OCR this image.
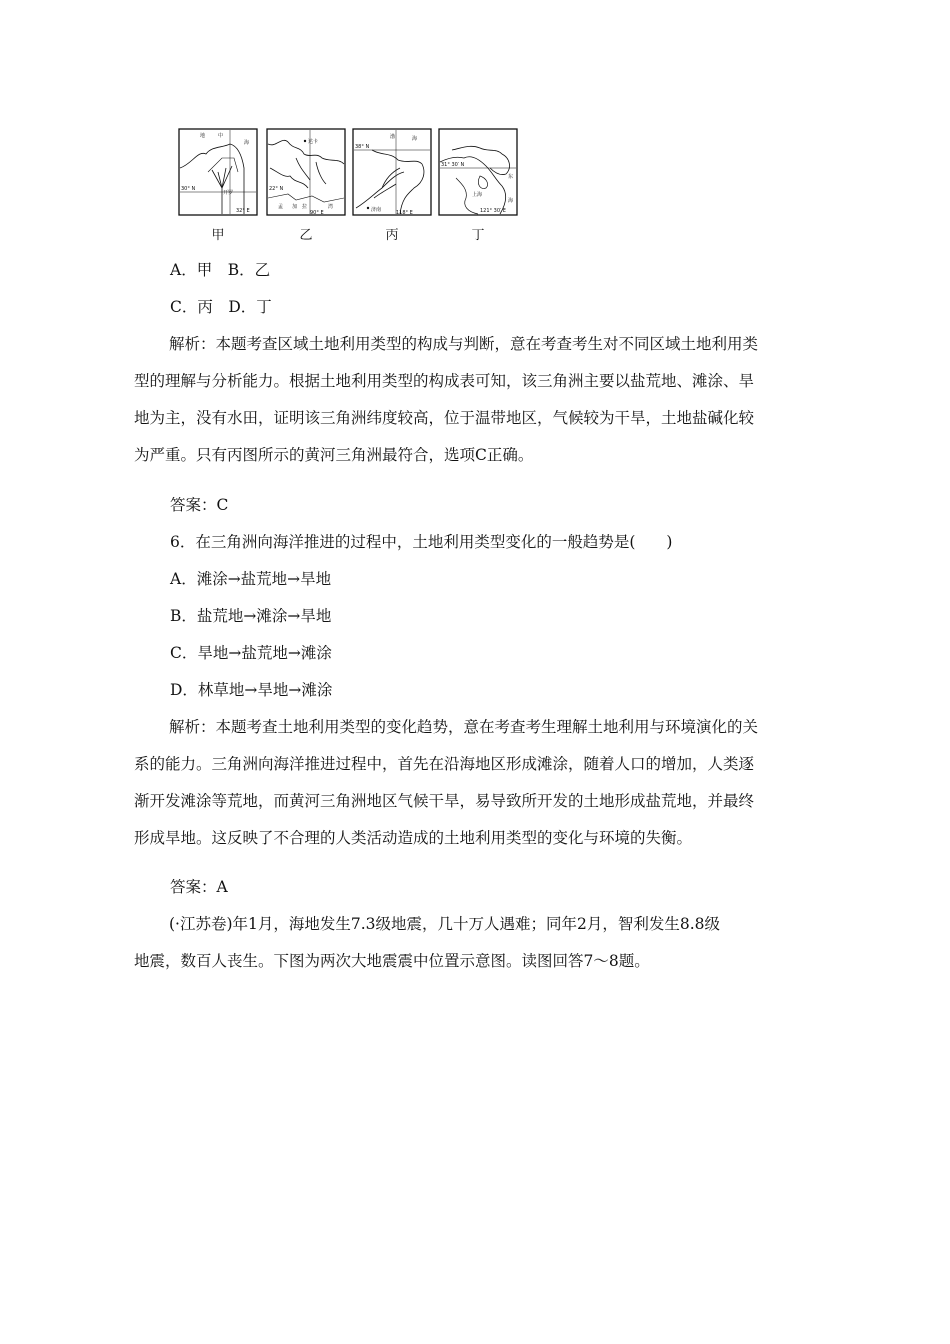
地	中
海
30° N
开罗
32° E
甲
达卡
22° N
孟 加 拉	湾
90° E
乙
渤	海
38° N
济南	118° E
丙
31° 30′ N
东
海
上海
121° 30′ E
丁
A．甲　B．乙
C．丙　D．丁
解析：本题考查区域土地利用类型的构成与判断，意在考查考生对不同区域土地利用类
型的理解与分析能力。根据土地利用类型的构成表可知，该三角洲主要以盐荒地、滩涂、旱
地为主，没有水田，证明该三角洲纬度较高，位于温带地区，气候较为干旱，土地盐碱化较
为严重。只有丙图所示的黄河三角洲最符合，选项C正确。
答案：C
6．在三角洲向海洋推进的过程中，土地利用类型变化的一般趋势是(　　)
A．滩涂→盐荒地→旱地
B．盐荒地→滩涂→旱地
C．旱地→盐荒地→滩涂
D．林草地→旱地→滩涂
解析：本题考查土地利用类型的变化趋势，意在考查考生理解土地利用与环境演化的关
系的能力。三角洲向海洋推进过程中，首先在沿海地区形成滩涂，随着人口的增加，人类逐
渐开发滩涂等荒地，而黄河三角洲地区气候干旱，易导致所开发的土地形成盐荒地，并最终
形成旱地。这反映了不合理的人类活动造成的土地利用类型的变化与环境的失衡。
答案：A
(·江苏卷)年1月，海地发生7.3级地震，几十万人遇难；同年2月，智利发生8.8级
地震，数百人丧生。下图为两次大地震震中位置示意图。读图回答7～8题。
